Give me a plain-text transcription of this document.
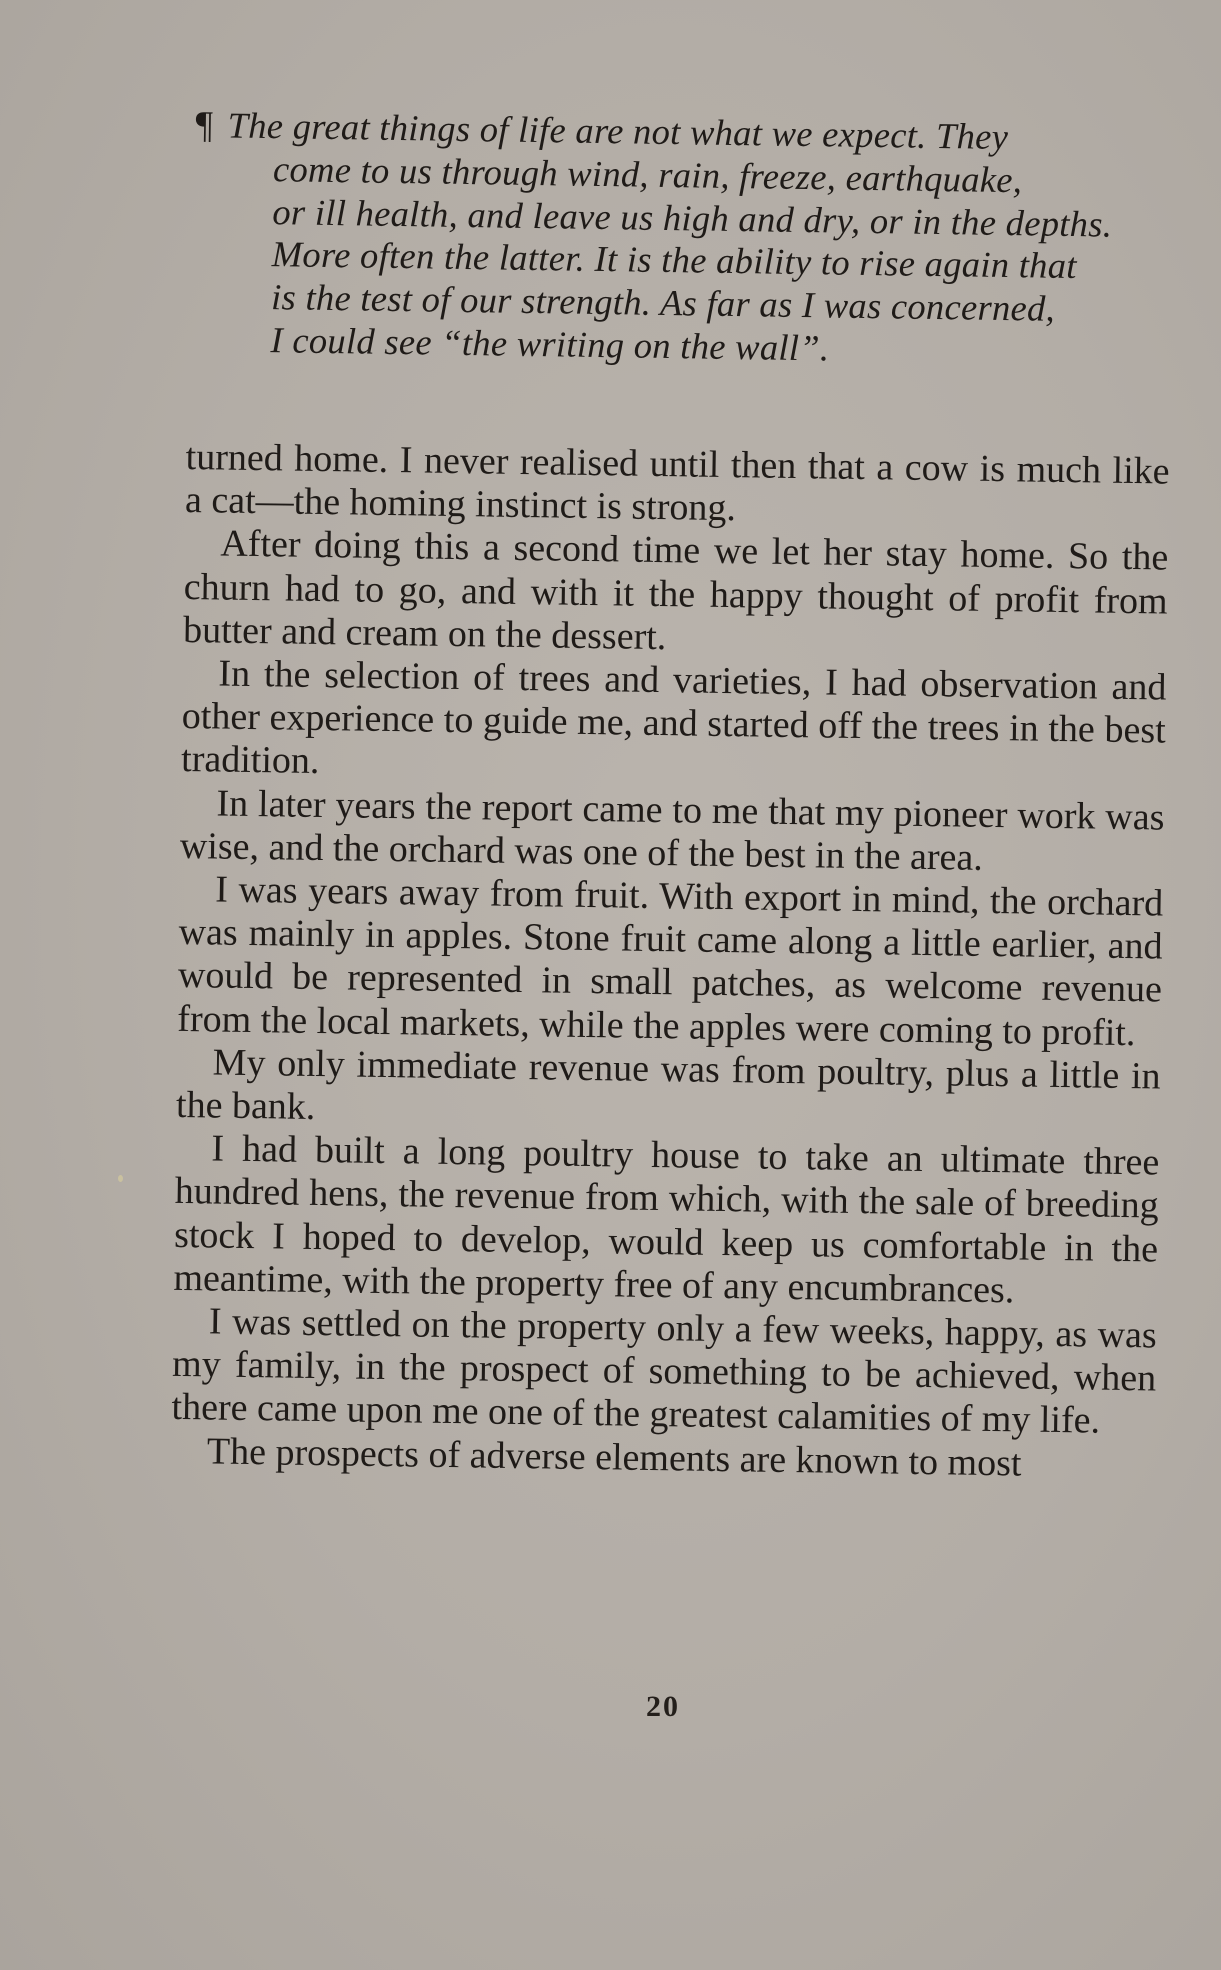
¶ The great things of life are not what we expect. They
come to us through wind, rain, freeze, earthquake,
or ill health, and leave us high and dry, or in the depths.
More often the latter. It is the ability to rise again that
is the test of our strength. As far as I was concerned,
I could see “the writing on the wall”.

turned home. I never realised until then that a cow is much like a cat—the homing instinct is strong.

After doing this a second time we let her stay home. So the churn had to go, and with it the happy thought of profit from butter and cream on the dessert.

In the selection of trees and varieties, I had observation and other experience to guide me, and started off the trees in the best tradition.

In later years the report came to me that my pioneer work was wise, and the orchard was one of the best in the area.

I was years away from fruit. With export in mind, the orchard was mainly in apples. Stone fruit came along a little earlier, and would be represented in small patches, as welcome revenue from the local markets, while the apples were coming to profit.

My only immediate revenue was from poultry, plus a little in the bank.

I had built a long poultry house to take an ultimate three hundred hens, the revenue from which, with the sale of breeding stock I hoped to develop, would keep us comfortable in the meantime, with the property free of any encumbrances.

I was settled on the property only a few weeks, happy, as was my family, in the prospect of something to be achieved, when there came upon me one of the greatest calamities of my life.

The prospects of adverse elements are known to most

20
